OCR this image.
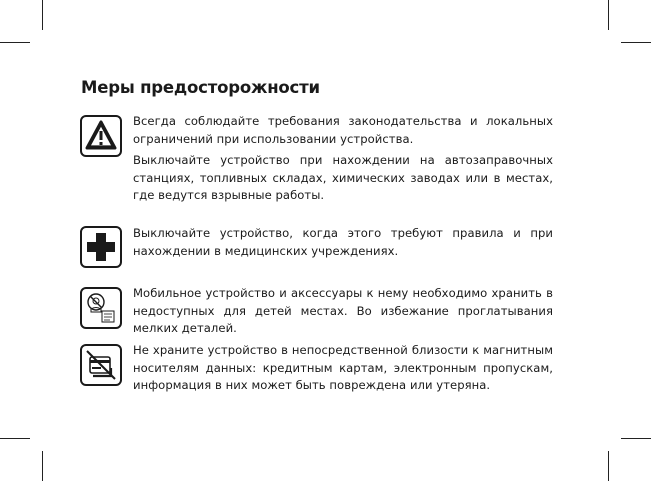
Меры предосторожности

Всегда соблюдайте требования законодательства и локальных ограничений при использовании устройства.

Выключайте устройство при нахождении на автозаправочных станциях, топливных складах, химических заводах или в местах, где ведутся взрывные работы.

Выключайте устройство, когда этого требуют правила и при нахождении в медицинских учреждениях.

Мобильное устройство и аксессуары к нему необходимо хранить в недоступных для детей местах. Во избежание проглатывания мелких деталей.

Не храните устройство в непосредственной близости к магнитным носителям данных: кредитным картам, электронным пропускам, информация в них может быть повреждена или утеряна.
